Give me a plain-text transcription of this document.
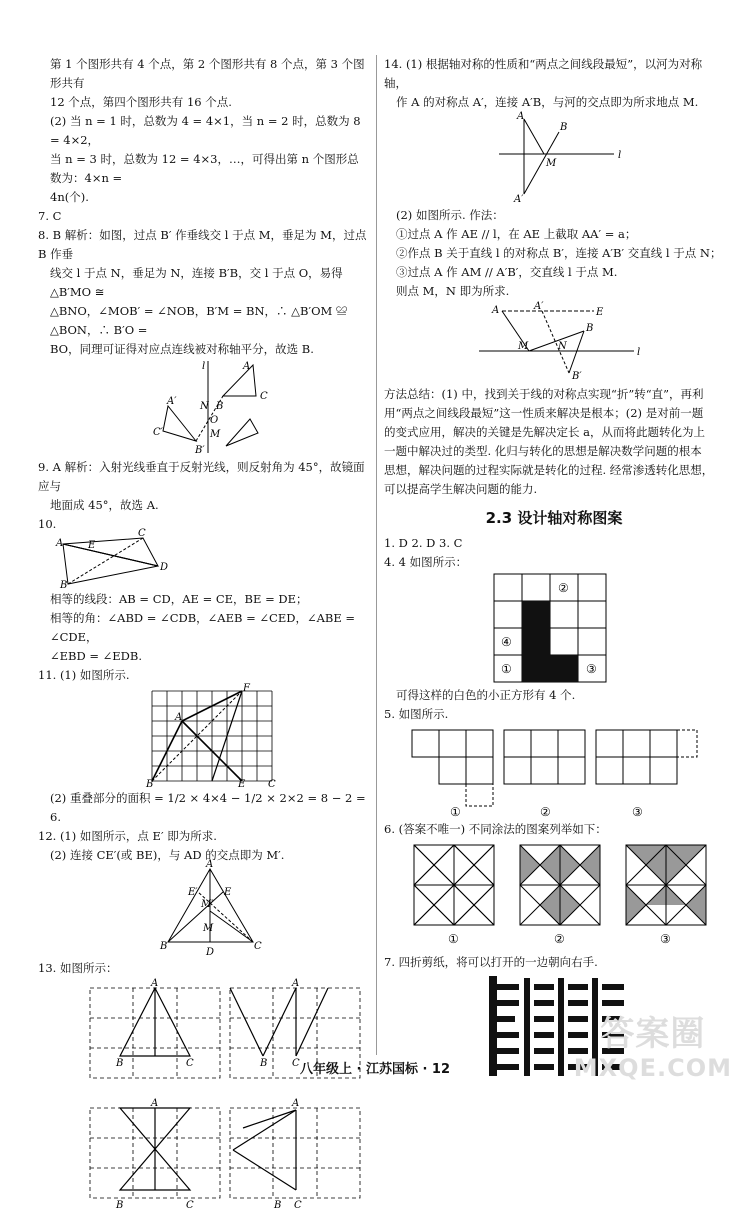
第 1 个图形共有 4 个点，第 2 个图形共有 8 个点，第 3 个图形共有

12 个点，第四个图形共有 16 个点.

(2) 当 n = 1 时，总数为 4 = 4×1，当 n = 2 时，总数为 8 = 4×2，

当 n = 3 时，总数为 12 = 4×3，…，可得出第 n 个图形总数为：4×n =

4n(个).

7. C

8. B 解析：如图，过点 B′ 作垂线交 l 于点 M，垂足为 M，过点 B 作垂

线交 l 于点 N，垂足为 N，连接 B′B，交 l 于点 O，易得 △B′MO ≅

△BNO，∠MOB′ = ∠NOB，B′M = BN，∴ △B′OM ≌ △BON，∴ B′O =

BO，同理可证得对应点连线被对称轴平分，故选 B.

l
C
A
A′
C′
B′
N B
O
M

9. A 解析：入射光线垂直于反射光线，则反射角为 45°，故镜面应与

地面成 45°，故选 A.

10.

A
C
D
E
B

相等的线段：AB = CD，AE = CE，BE = DE；

相等的角：∠ABD = ∠CDB，∠AEB = ∠CED，∠ABE = ∠CDE，

∠EBD = ∠EDB.

11. (1) 如图所示.

A
F
B	E C

(2) 重叠部分的面积 = 1/2 × 4×4 − 1/2 × 2×2 = 8 − 2 = 6.

12. (1) 如图所示，点 E′ 即为所求.

(2) 连接 CE′(或 BE)，与 AD 的交点即为 M′.

A
B	C
D
E′	E
M′
M

13. 如图所示：

A
B	C
A
B C
A
B	C
A
B C

14. (1) 根据轴对称的性质和“两点之间线段最短”，以河为对称轴，

作 A 的对称点 A′，连接 A′B，与河的交点即为所求地点 M.

A
B
M
l
A′

(2) 如图所示. 作法：

①过点 A 作 AE // l，在 AE 上截取 AA′ = a；

②作点 B 关于直线 l 的对称点 B′，连接 A′B′ 交直线 l 于点 N；

③过点 A 作 AM // A′B′，交直线 l 于点 M.

则点 M，N 即为所求.

A	A′
E
M	N
B
B′
l

方法总结：(1) 中，找到关于线的对称点实现“折”转“直”，再利

用“两点之间线段最短”这一性质来解决是根本；(2) 是对前一题

的变式应用，解决的关键是先解决定长 a，从而将此题转化为上

一题中解决过的类型. 化归与转化的思想是解决数学问题的根本

思想，解决问题的过程实际就是转化的过程. 经常渗透转化思想，

可以提高学生解决问题的能力.

2.3 设计轴对称图案

1. D 2. D 3. C

4. 4 如图所示：

②
④
①	③

可得这样的白色的小正方形有 4 个.

5. 如图所示.

①	②	③

6. (答案不唯一) 不同涂法的图案列举如下：

①	②	③

7. 四折剪纸，将可以打开的一边朝向右手.

八年级上 · 江苏国标 · 12
答案圈
MXQE.COM
